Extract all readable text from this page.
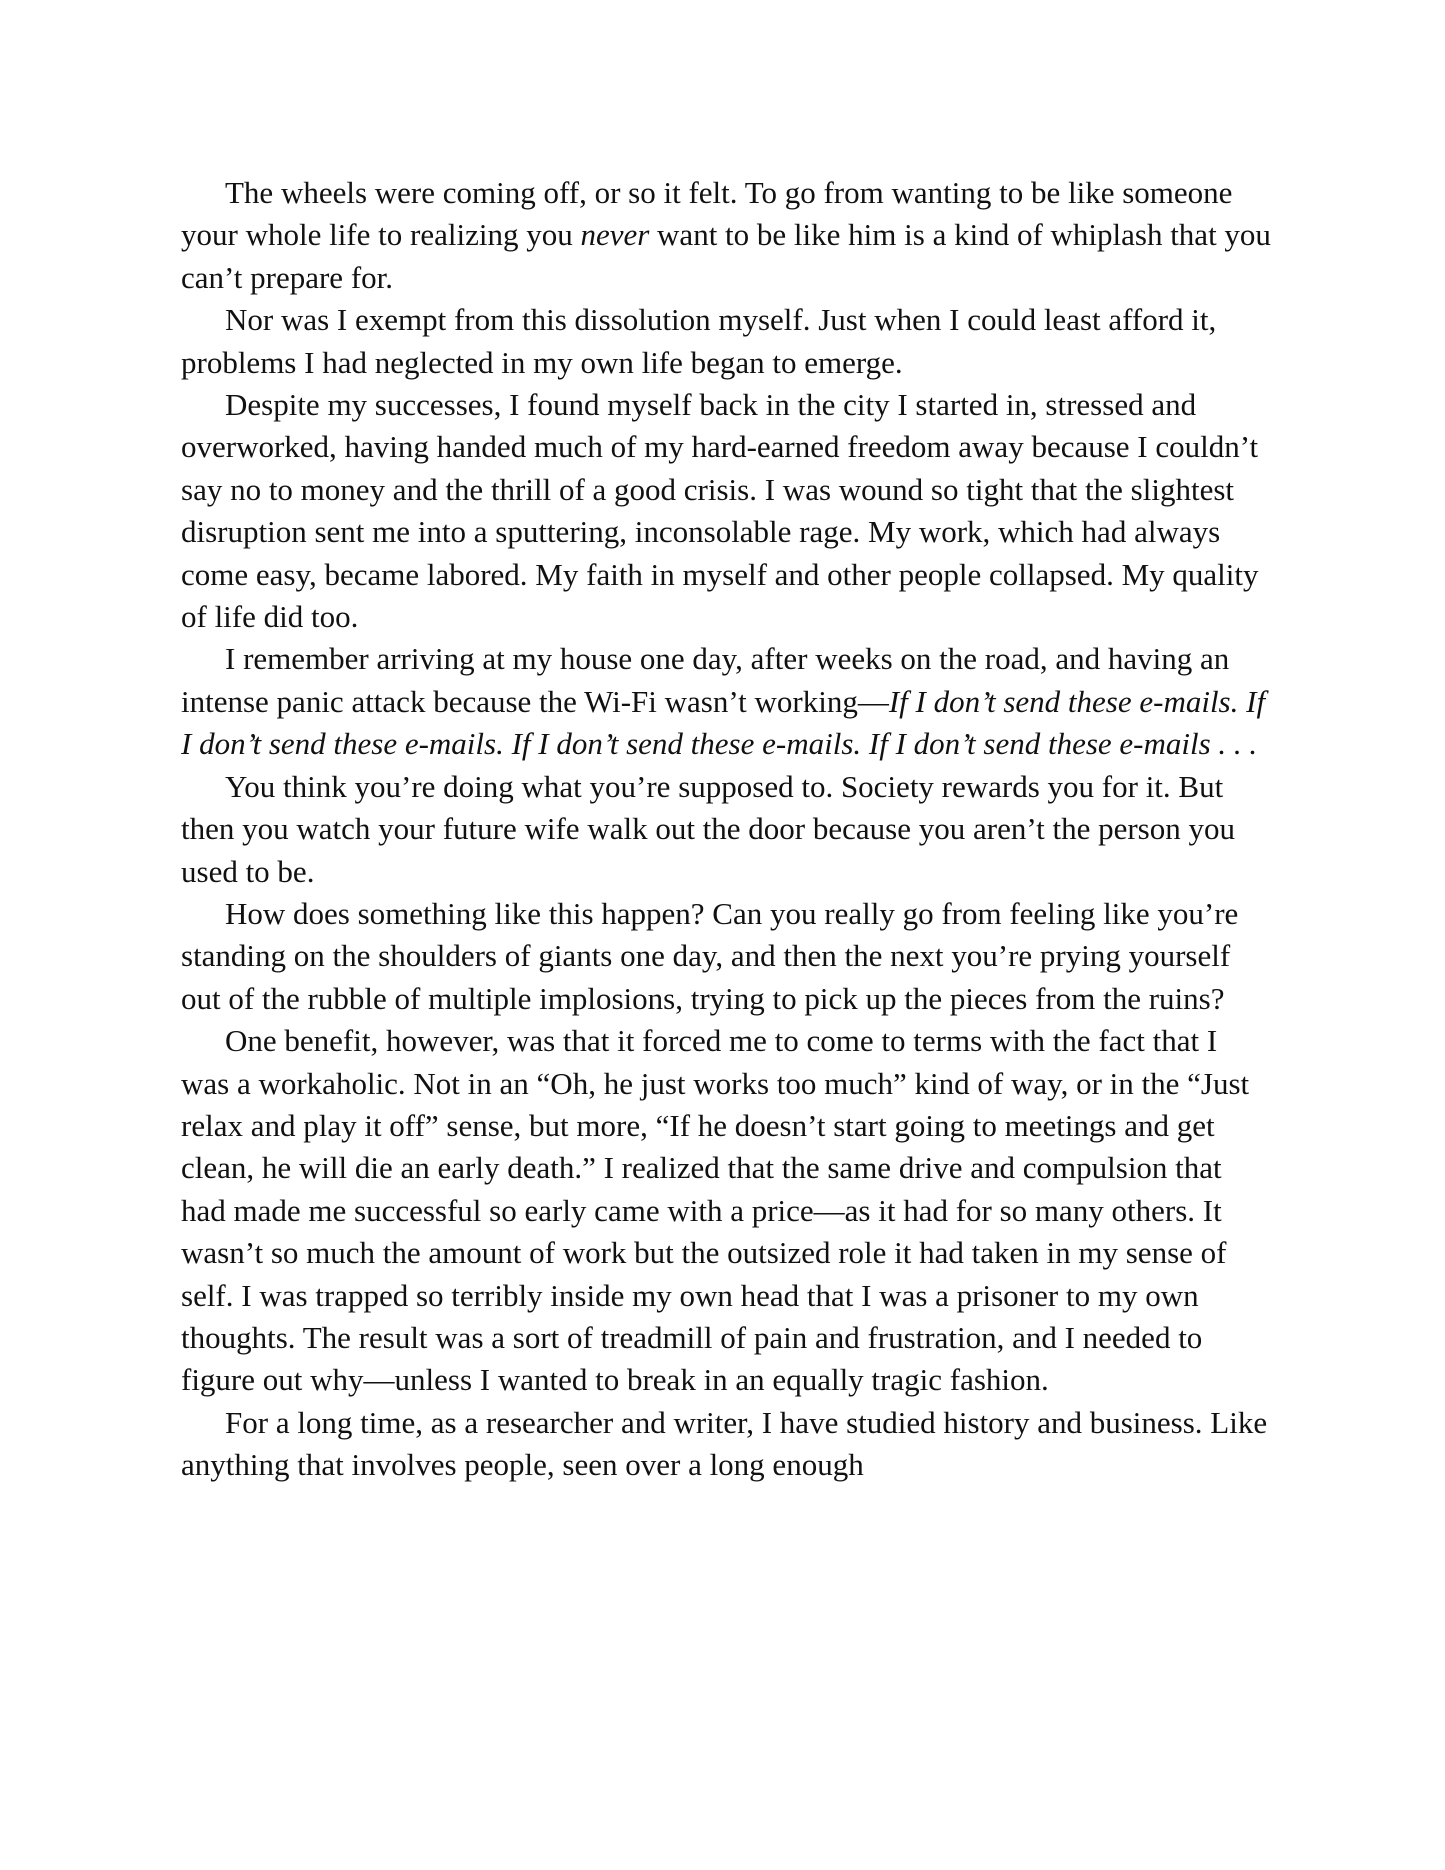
The wheels were coming off, or so it felt. To go from wanting to be like someone your whole life to realizing you never want to be like him is a kind of whiplash that you can’t prepare for.

Nor was I exempt from this dissolution myself. Just when I could least afford it, problems I had neglected in my own life began to emerge.

Despite my successes, I found myself back in the city I started in, stressed and overworked, having handed much of my hard-earned freedom away because I couldn’t say no to money and the thrill of a good crisis. I was wound so tight that the slightest disruption sent me into a sputtering, inconsolable rage. My work, which had always come easy, became labored. My faith in myself and other people collapsed. My quality of life did too.

I remember arriving at my house one day, after weeks on the road, and having an intense panic attack because the Wi-Fi wasn’t working—If I don’t send these e-mails. If I don’t send these e-mails. If I don’t send these e-mails. If I don’t send these e-mails . . .

You think you’re doing what you’re supposed to. Society rewards you for it. But then you watch your future wife walk out the door because you aren’t the person you used to be.

How does something like this happen? Can you really go from feeling like you’re standing on the shoulders of giants one day, and then the next you’re prying yourself out of the rubble of multiple implosions, trying to pick up the pieces from the ruins?

One benefit, however, was that it forced me to come to terms with the fact that I was a workaholic. Not in an “Oh, he just works too much” kind of way, or in the “Just relax and play it off” sense, but more, “If he doesn’t start going to meetings and get clean, he will die an early death.” I realized that the same drive and compulsion that had made me successful so early came with a price—as it had for so many others. It wasn’t so much the amount of work but the outsized role it had taken in my sense of self. I was trapped so terribly inside my own head that I was a prisoner to my own thoughts. The result was a sort of treadmill of pain and frustration, and I needed to figure out why—unless I wanted to break in an equally tragic fashion.

For a long time, as a researcher and writer, I have studied history and business. Like anything that involves people, seen over a long enough
